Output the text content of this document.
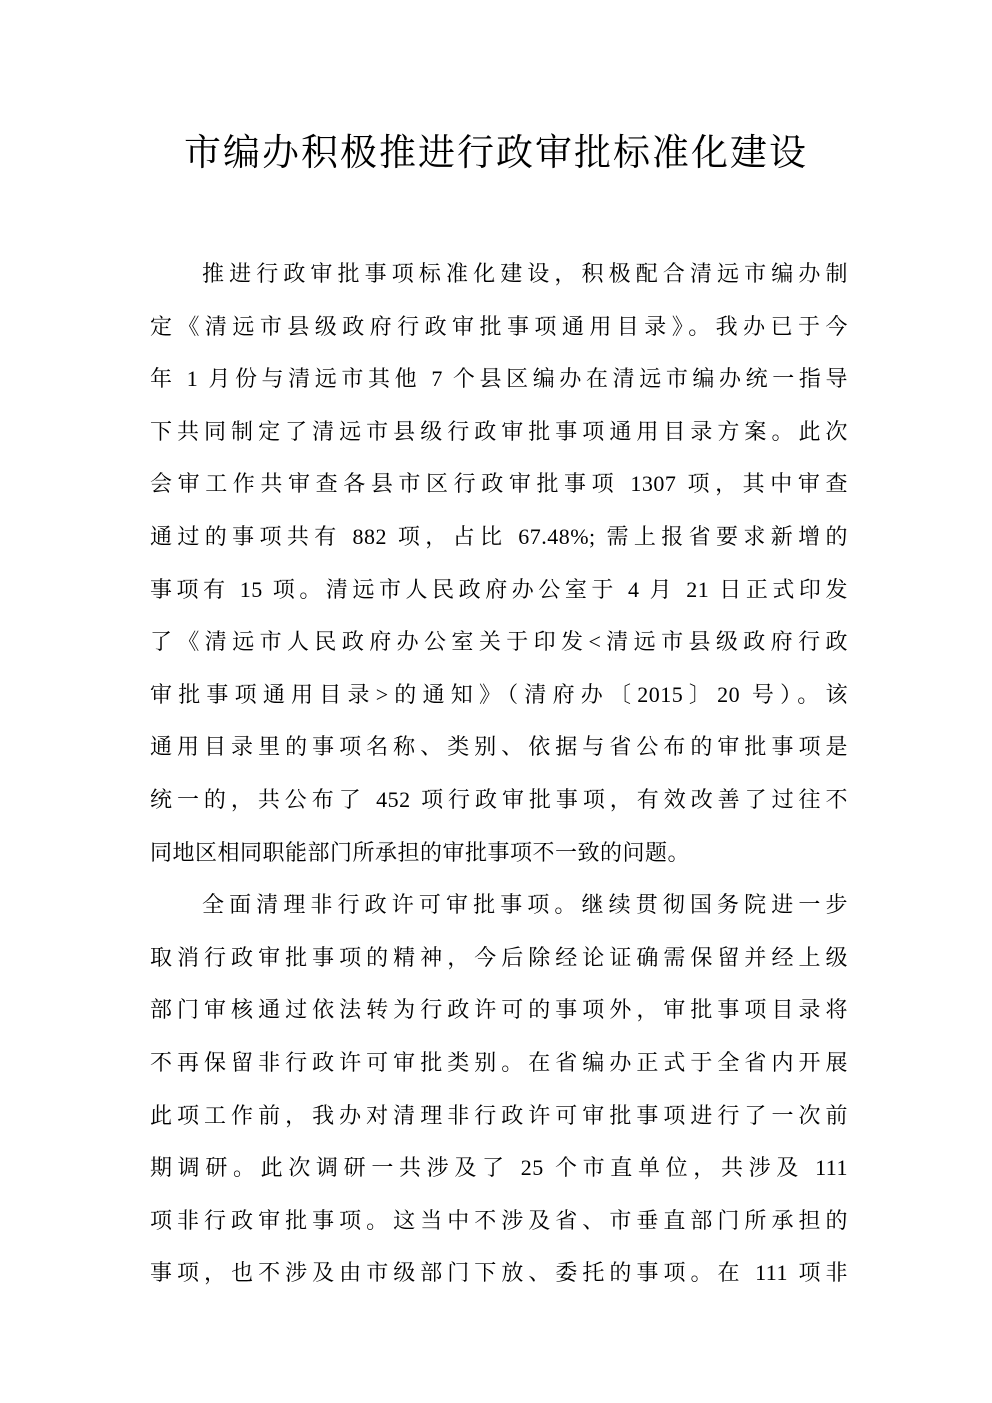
市编办积极推进行政审批标准化建设
推进行政审批事项标准化建设，积极配合清远市编办制
定《清远市县级政府行政审批事项通用目录》。我办已于今
年 1 月份与清远市其他 7 个县区编办在清远市编办统一指导
下共同制定了清远市县级行政审批事项通用目录方案。此次
会审工作共审查各县市区行政审批事项 1307 项，其中审查
通过的事项共有 882 项，占比 67.48%; 需上报省要求新增的
事项有 15 项。清远市人民政府办公室于 4 月 21 日正式印发
了《清远市人民政府办公室关于印发<清远市县级政府行政
审批事项通用目录>的通知》（清府办〔2015〕20 号）。该
通用目录里的事项名称、类别、依据与省公布的审批事项是
统一的，共公布了 452 项行政审批事项，有效改善了过往不
同地区相同职能部门所承担的审批事项不一致的问题。
全面清理非行政许可审批事项。继续贯彻国务院进一步
取消行政审批事项的精神，今后除经论证确需保留并经上级
部门审核通过依法转为行政许可的事项外，审批事项目录将
不再保留非行政许可审批类别。在省编办正式于全省内开展
此项工作前，我办对清理非行政许可审批事项进行了一次前
期调研。此次调研一共涉及了 25 个市直单位，共涉及 111
项非行政审批事项。这当中不涉及省、市垂直部门所承担的
事项，也不涉及由市级部门下放、委托的事项。在 111 项非
